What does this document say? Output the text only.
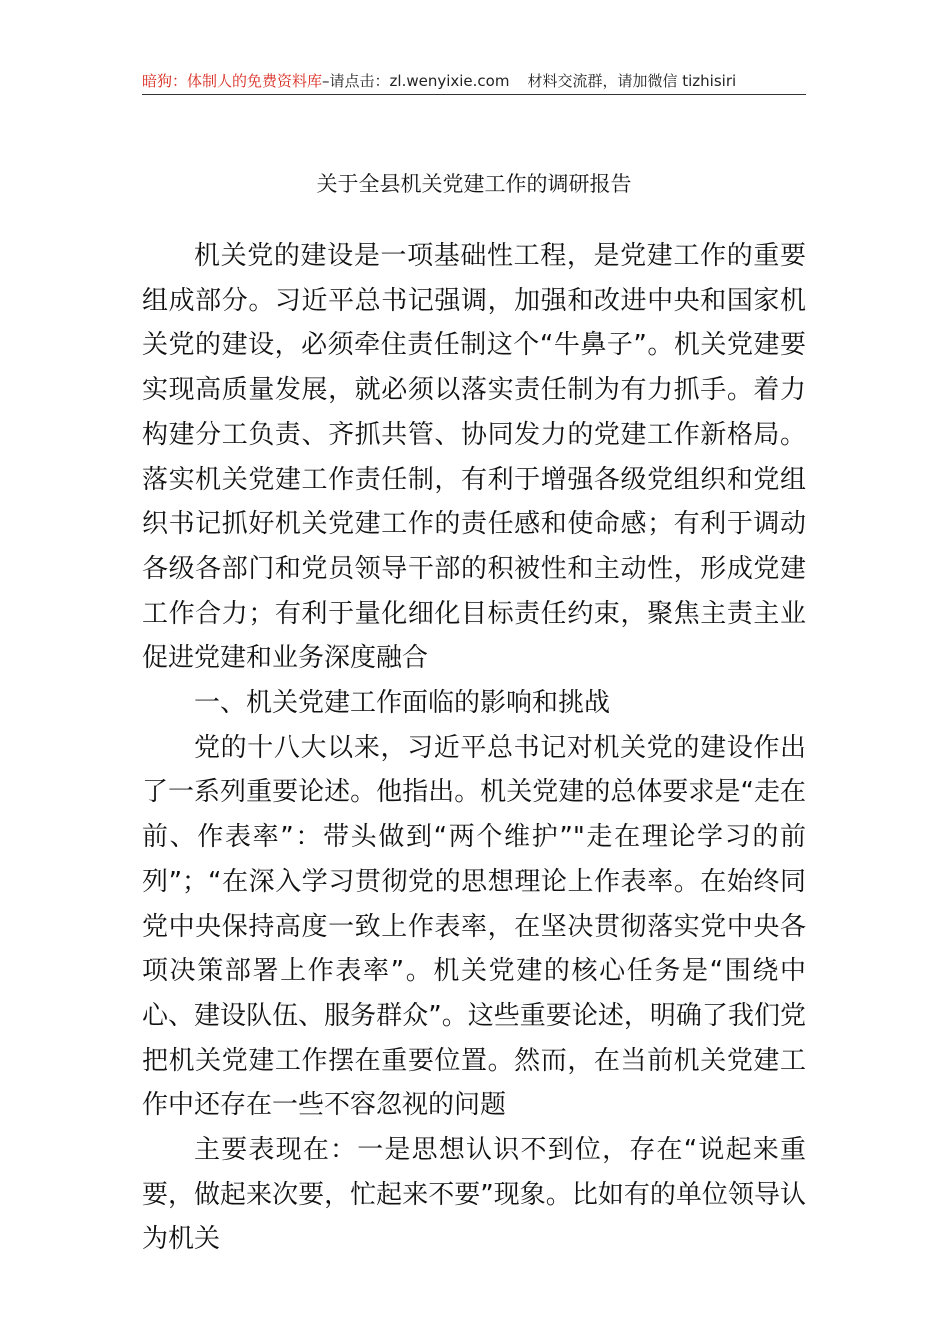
暗狗：体制人的免费资料库–请点击：zl.wenyixie.com 材料交流群，请加微信 tizhisiri
关于全县机关党建工作的调研报告

机关党的建设是一项基础性工程，是党建工作的重要组成部分。习近平总书记强调，加强和改进中央和国家机关党的建设，必须牵住责任制这个“牛鼻子”。机关党建要实现高质量发展，就必须以落实责任制为有力抓手。着力构建分工负责、齐抓共管、协同发力的党建工作新格局。落实机关党建工作责任制，有利于增强各级党组织和党组织书记抓好机关党建工作的责任感和使命感；有利于调动各级各部门和党员领导干部的积被性和主动性，形成党建工作合力；有利于量化细化目标责任约束，聚焦主责主业促进党建和业务深度融合

一、机关党建工作面临的影响和挑战

党的十八大以来，习近平总书记对机关党的建设作出了一系列重要论述。他指出。机关党建的总体要求是“走在前、作表率”：带头做到“两个维护”"走在理论学习的前列”；“在深入学习贯彻党的思想理论上作表率。在始终同党中央保持高度一致上作表率，在坚决贯彻落实党中央各项决策部署上作表率”。机关党建的核心任务是“围绕中心、建设队伍、服务群众”。这些重要论述，明确了我们党把机关党建工作摆在重要位置。然而，在当前机关党建工作中还存在一些不容忽视的问题

主要表现在：一是思想认识不到位，存在“说起来重要，做起来次要，忙起来不要”现象。比如有的单位领导认为机关
